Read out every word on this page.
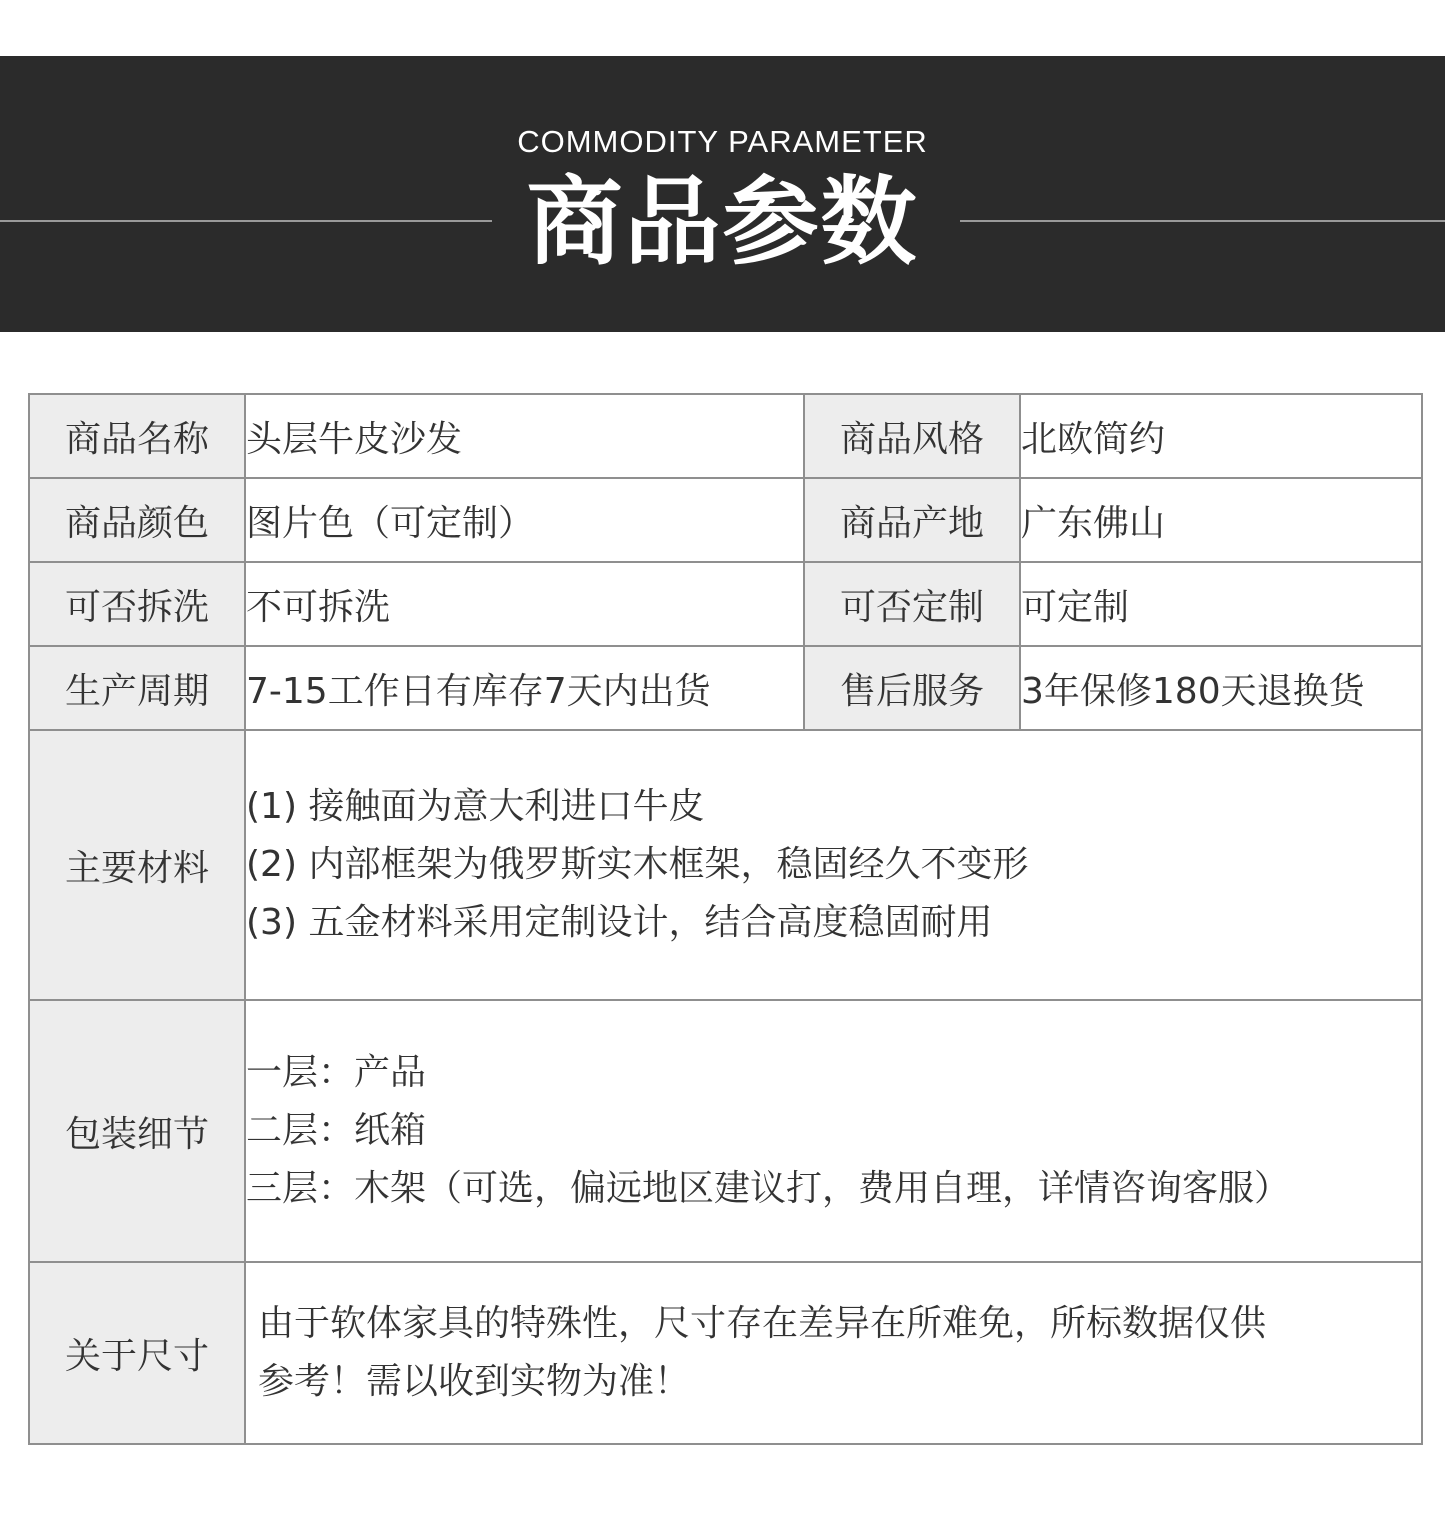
COMMODITY PARAMETER
商品参数
商品名称	头层牛皮沙发	商品风格	北欧简约
商品颜色	图片色（可定制）	商品产地	广东佛山
可否拆洗	不可拆洗	可否定制	可定制
生产周期	7-15工作日有库存7天内出货	售后服务	3年保修180天退换货
主要材料	(1) 接触面为意大利进口牛皮
(2) 内部框架为俄罗斯实木框架，稳固经久不变形
(3) 五金材料采用定制设计，结合高度稳固耐用		

包装细节	一层：产品
二层：纸箱
三层：木架（可选，偏远地区建议打，费用自理，详情咨询客服）		

关于尺寸	由于软体家具的特殊性，尺寸存在差异在所难免，所标数据仅供
参考！需以收到实物为准！		
